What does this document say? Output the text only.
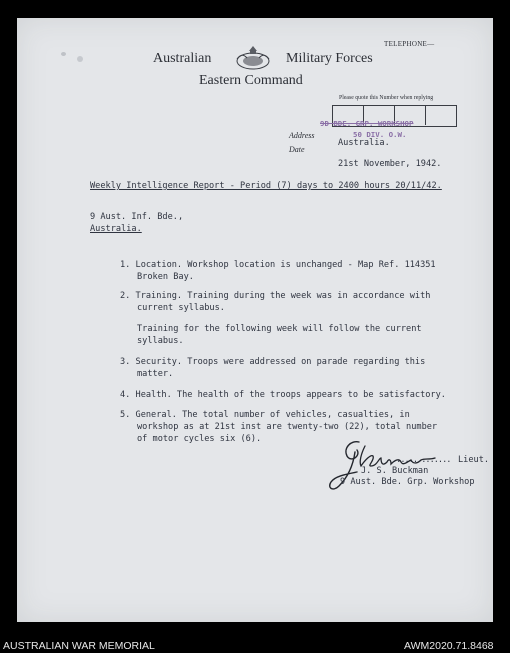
Australian	Military Forces
Eastern Command
TELEPHONE—
Please quote this Number when replying
9D BDE. GRP. WORKSHOP
50 DIV. O.W.
Address
Australia.
Date
21st November, 1942.
Weekly Intelligence Report - Period (7) days to 2400 hours 20/11/42.
9 Aust. Inf. Bde.,
Australia.
1. Location. Workshop location is unchanged - Map Ref. 114351
Broken Bay.
2. Training. Training during the week was in accordance with
current syllabus.
Training for the following week will follow the current
syllabus.
3. Security. Troops were addressed on parade regarding this
matter.
4. Health. The health of the troops appears to be satisfactory.
5. General. The total number of vehicles, casualties, in
workshop as at 21st inst are twenty-two (22), total number
of motor cycles six (6).
J.S. Buckman
.............. Lieut.
J. S. Buckman
9 Aust. Bde. Grp. Workshop
AUSTRALIAN WAR MEMORIAL	AWM2020.71.8468
